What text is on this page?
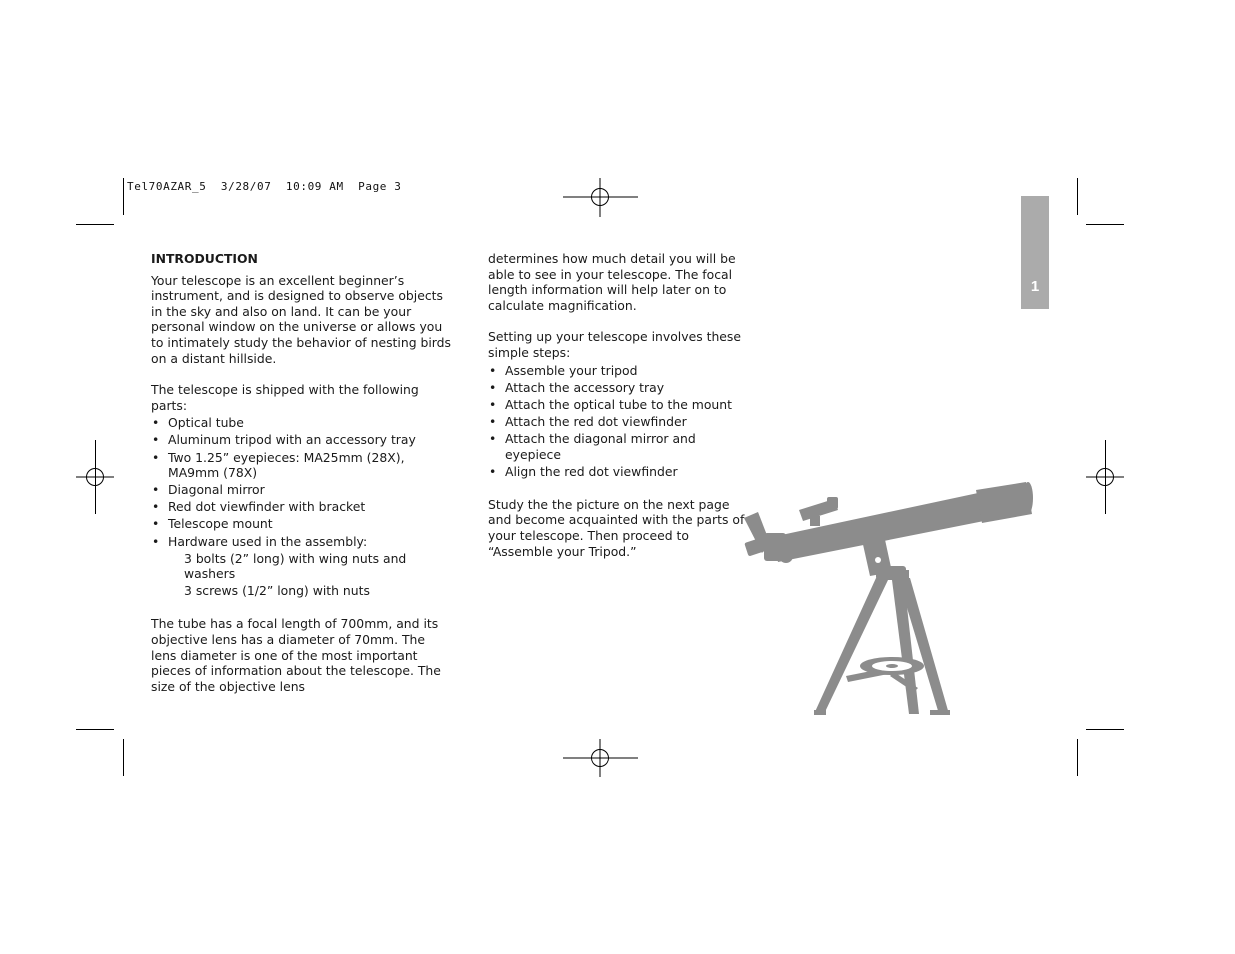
Tel70AZAR_5  3/28/07  10:09 AM  Page 3
1

INTRODUCTION

Your telescope is an excellent beginner’s instrument, and is designed to observe objects in the sky and also on land. It can be your personal window on the universe or allows you to intimately study the behavior of nesting birds on a distant hillside.

The telescope is shipped with the following parts:

• Optical tube
• Aluminum tripod with an accessory tray
• Two 1.25” eyepieces: MA25mm (28X), MA9mm (78X)
• Diagonal mirror
• Red dot viewfinder with bracket
• Telescope mount
• Hardware used in the assembly:
3 bolts (2” long) with wing nuts and washers
3 screws (1/2” long) with nuts

The tube has a focal length of 700mm, and its objective lens has a diameter of 70mm. The lens diameter is one of the most important pieces of information about the telescope. The size of the objective lens

determines how much detail you will be able to see in your telescope. The focal length information will help later on to calculate magnification.

Setting up your telescope involves these simple steps:

• Assemble your tripod
• Attach the accessory tray
• Attach the optical tube to the mount
• Attach the red dot viewfinder
• Attach the diagonal mirror and eyepiece
• Align the red dot viewfinder

Study the the picture on the next page and become acquainted with the parts of your telescope. Then proceed to “Assemble your Tripod.”
